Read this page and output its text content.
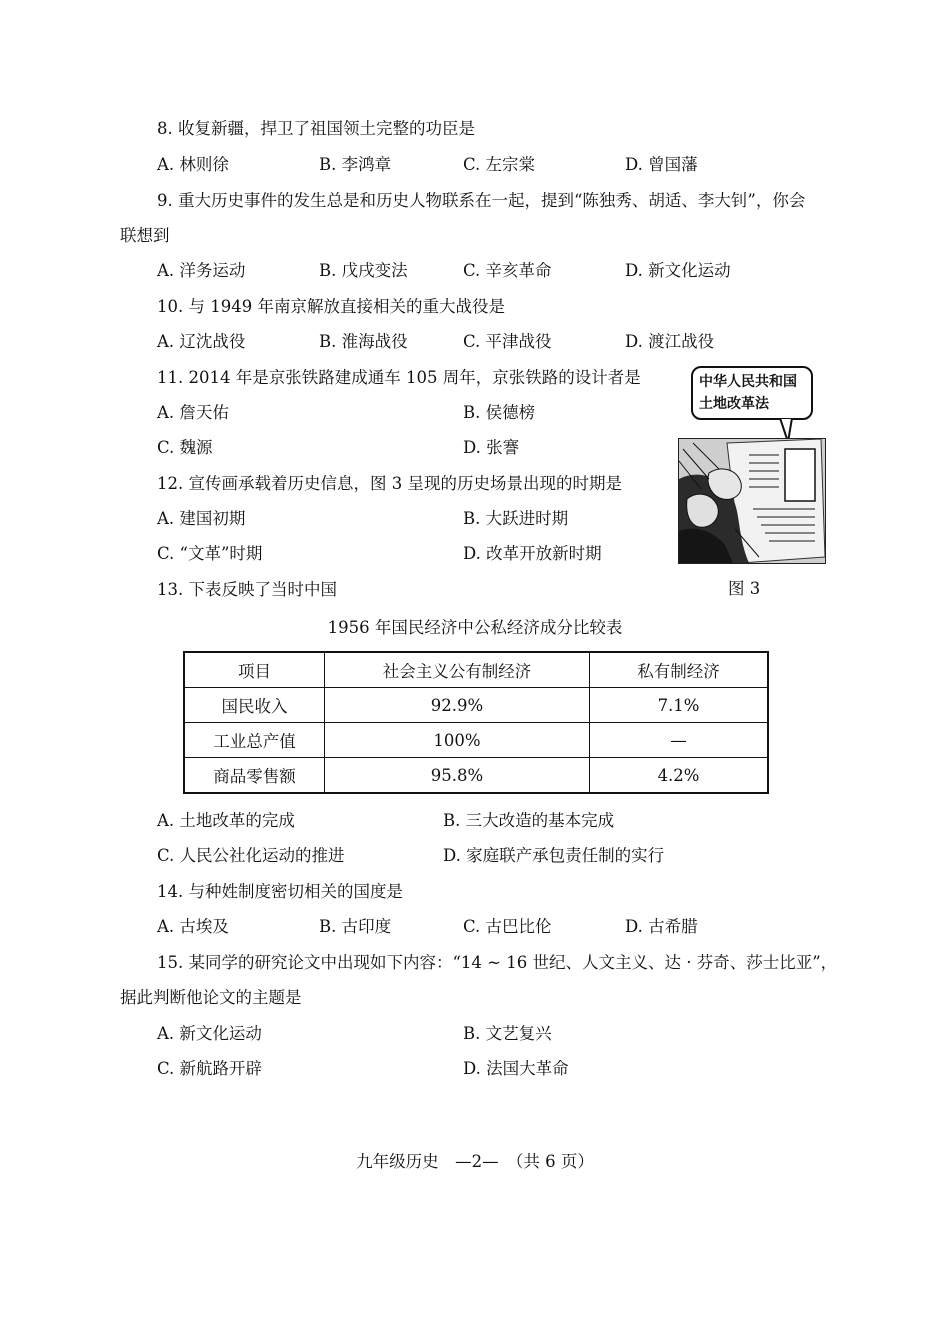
8. 收复新疆，捍卫了祖国领土完整的功臣是
A. 林则徐	B. 李鸿章	C. 左宗棠	D. 曾国藩
9. 重大历史事件的发生总是和历史人物联系在一起，提到“陈独秀、胡适、李大钊”，你会
联想到
A. 洋务运动	B. 戊戌变法	C. 辛亥革命	D. 新文化运动
10. 与 1949 年南京解放直接相关的重大战役是
A. 辽沈战役	B. 淮海战役	C. 平津战役	D. 渡江战役
11. 2014 年是京张铁路建成通车 105 周年，京张铁路的设计者是
A. 詹天佑	B. 侯德榜
C. 魏源	D. 张謇
中华人民共和国土地改革法
图 3
12. 宣传画承载着历史信息，图 3 呈现的历史场景出现的时期是
A. 建国初期	B. 大跃进时期
C. “文革”时期	D. 改革开放新时期
13. 下表反映了当时中国
1956 年国民经济中公私经济成分比较表
项目	社会主义公有制经济	私有制经济
国民收入	92.9%	7.1%
工业总产值	100%	—
商品零售额	95.8%	4.2%
A. 土地改革的完成	B. 三大改造的基本完成
C. 人民公社化运动的推进	D. 家庭联产承包责任制的实行
14. 与种姓制度密切相关的国度是
A. 古埃及	B. 古印度	C. 古巴比伦	D. 古希腊
15. 某同学的研究论文中出现如下内容：“14 ~ 16 世纪、人文主义、达 · 芬奇、莎士比亚”，
据此判断他论文的主题是
A. 新文化运动	B. 文艺复兴
C. 新航路开辟	D. 法国大革命
九年级历史　—2—　（共 6 页）
